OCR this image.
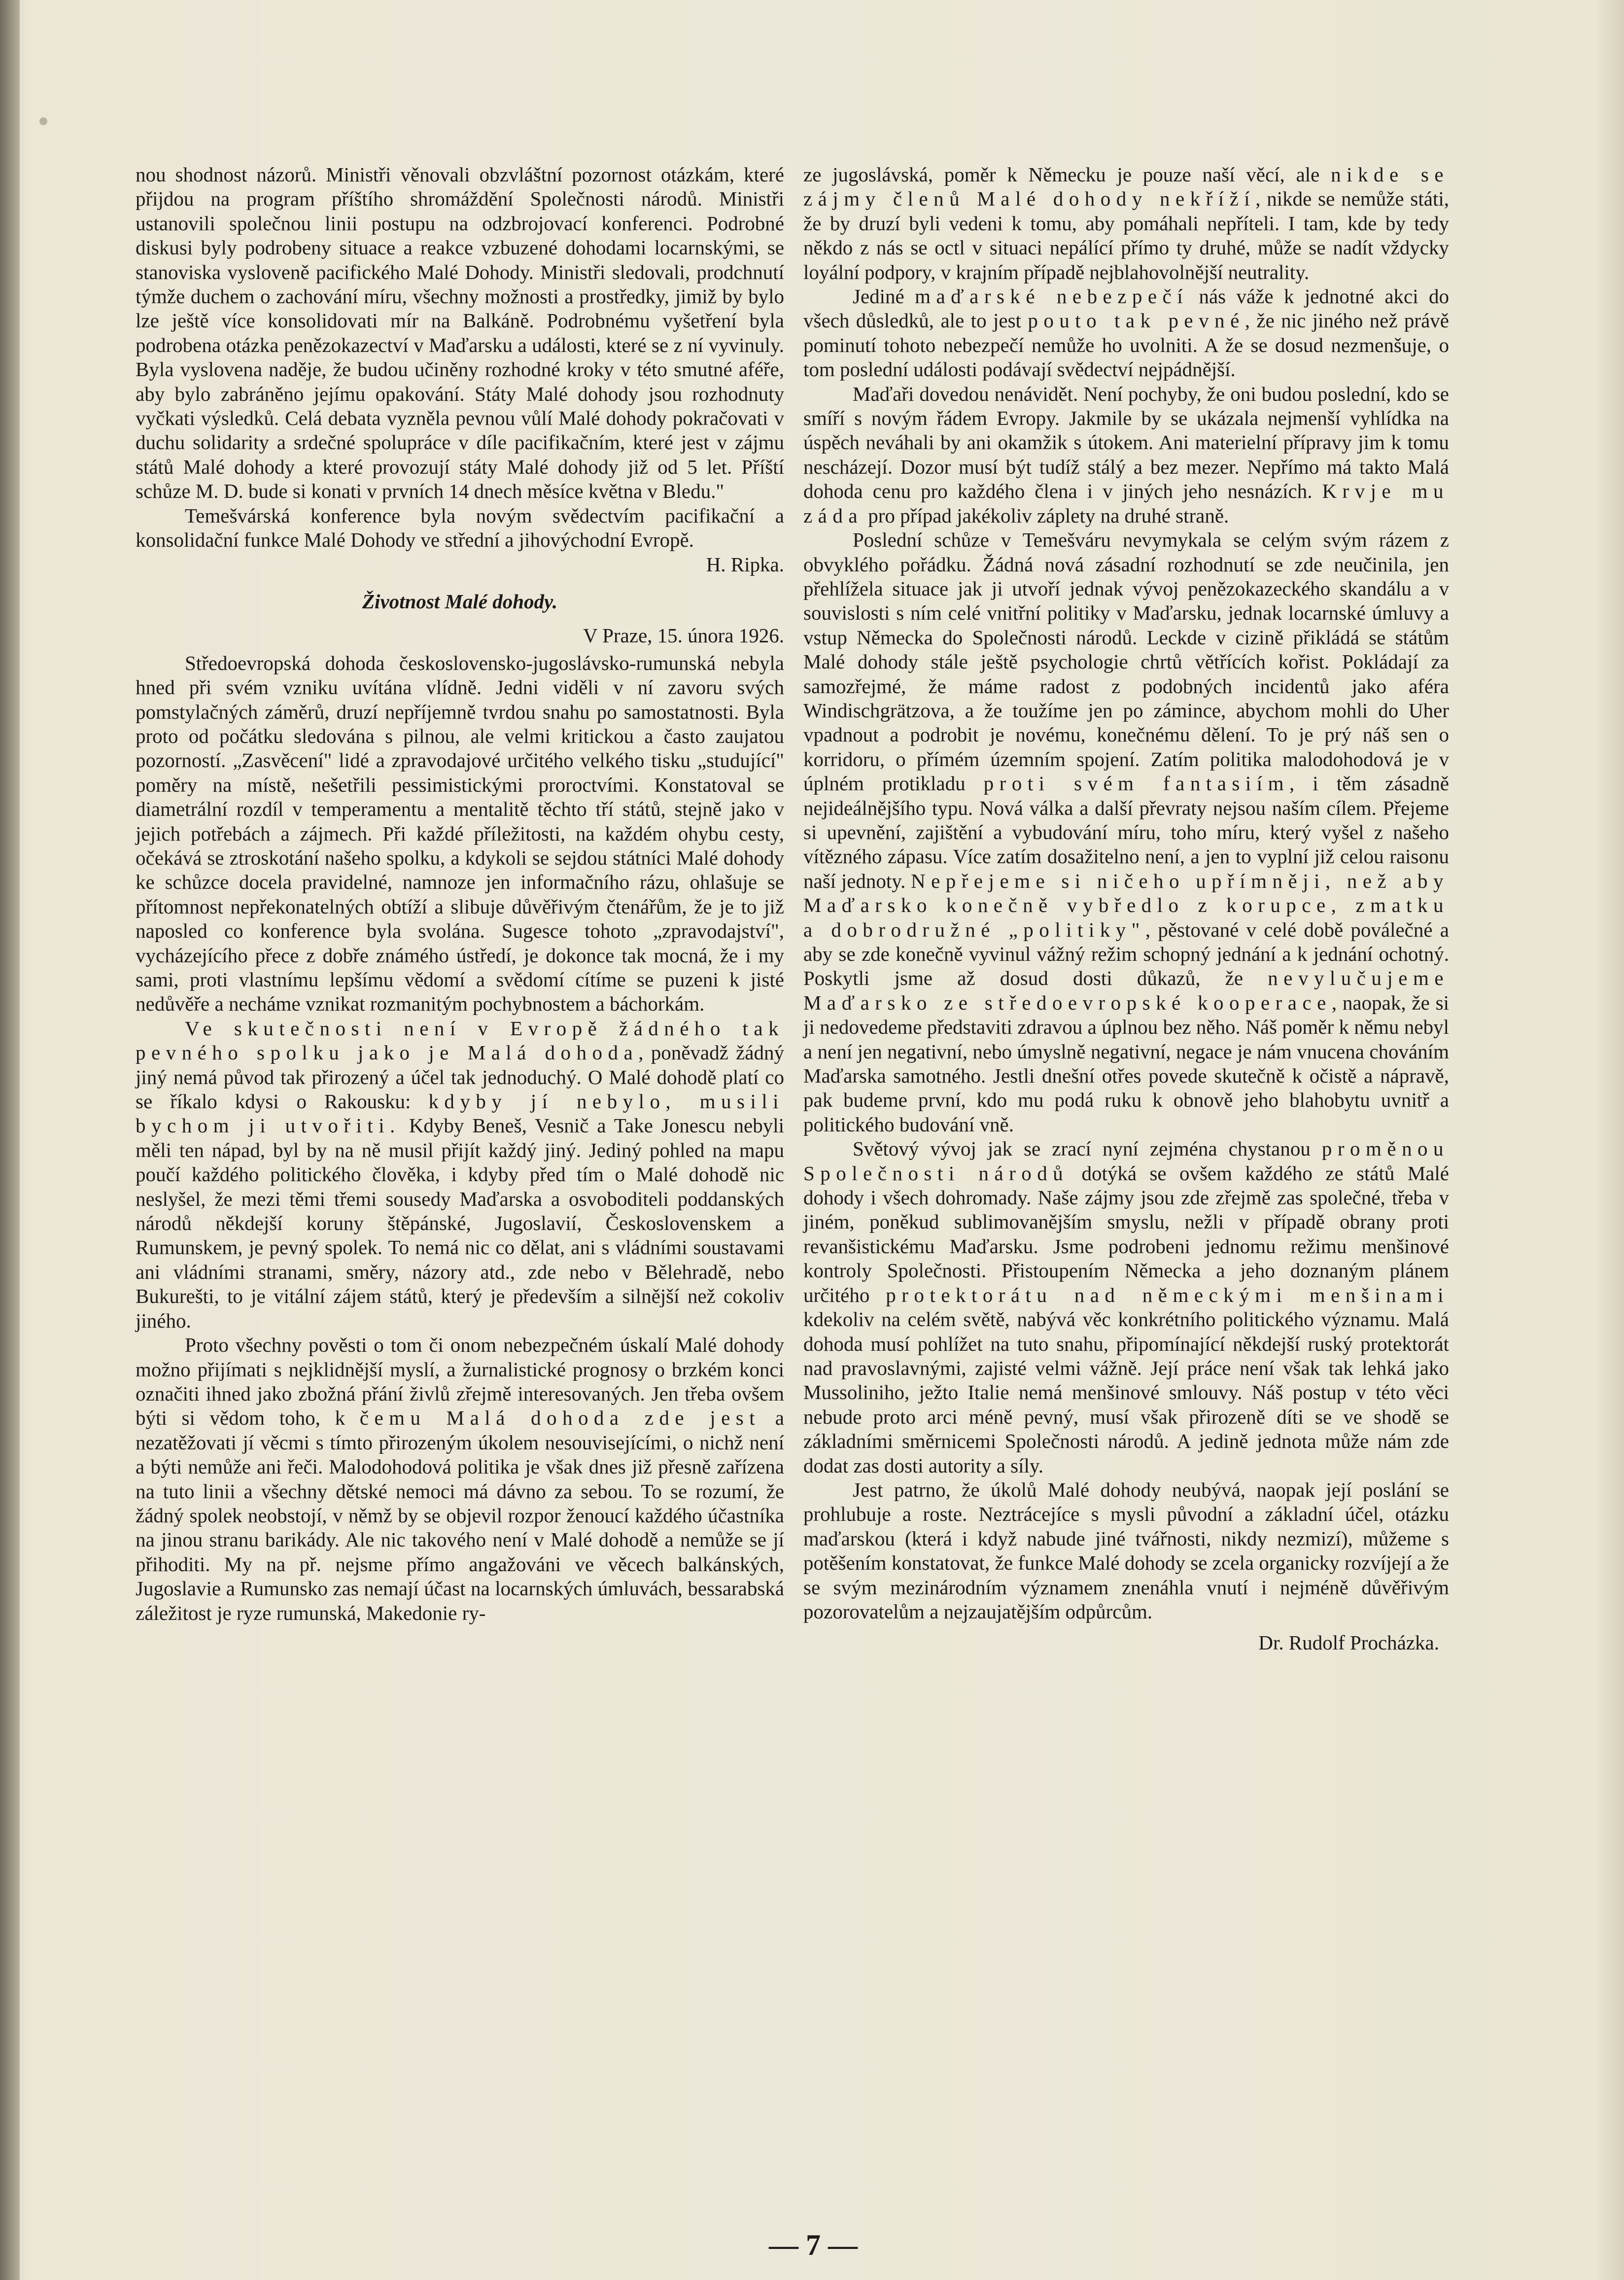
nou shodnost názorů. Ministři věnovali obzvláštní pozornost otázkám, které přijdou na program příštího shromáždění Společnosti národů. Ministři ustanovili společnou linii postupu na odzbrojovací konferenci. Podrobné diskusi byly podrobeny situace a reakce vzbuzené dohodami locarnskými, se stanoviska vysloveně pacifického Malé Dohody. Ministři sledovali, prodchnutí týmže duchem o zachování míru, všechny možnosti a prostředky, jimiž by bylo lze ještě více konsolidovati mír na Balkáně. Podrobnému vyšetření byla podrobena otázka penězokazectví v Maďarsku a události, které se z ní vyvinuly. Byla vyslovena naděje, že budou učiněny rozhodné kroky v této smutné aféře, aby bylo zabráněno jejímu opakování. Státy Malé dohody jsou rozhodnuty vyčkati výsledků. Celá debata vyzněla pevnou vůlí Malé dohody pokračovati v duchu solidarity a srdečné spolupráce v díle pacifikačním, které jest v zájmu států Malé dohody a které provozují státy Malé dohody již od 5 let. Příští schůze M. D. bude si konati v prvních 14 dnech měsíce května v Bledu."

Temešvárská konference byla novým svědectvím pacifikační a konsolidační funkce Malé Dohody ve střední a jihovýchodní Evropě.

H. Ripka.

Životnost Malé dohody.

V Praze, 15. února 1926.

Středoevropská dohoda československo-jugoslávsko-rumunská nebyla hned při svém vzniku uvítána vlídně. Jedni viděli v ní zavoru svých pomstylačných záměrů, druzí nepříjemně tvrdou snahu po samostatnosti. Byla proto od počátku sledována s pilnou, ale velmi kritickou a často zaujatou pozorností. „Zasvěcení" lidé a zpravodajové určitého velkého tisku „studující" poměry na místě, nešetřili pessimistickými proroctvími. Konstatoval se diametrální rozdíl v temperamentu a mentalitě těchto tří států, stejně jako v jejich potřebách a zájmech. Při každé příležitosti, na každém ohybu cesty, očekává se ztroskotání našeho spolku, a kdykoli se sejdou státníci Malé dohody ke schůzce docela pravidelné, namnoze jen informačního rázu, ohlašuje se přítomnost nepřekonatelných obtíží a slibuje důvěřivým čtenářům, že je to již naposled co konference byla svolána. Sugesce tohoto „zpravodajství", vycházejícího přece z dobře známého ústředí, je dokonce tak mocná, že i my sami, proti vlastnímu lepšímu vědomí a svědomí cítíme se puzeni k jisté nedůvěře a necháme vznikat rozmanitým pochybnostem a báchorkám.

Ve skutečnosti není v Evropě žádného tak pevného spolku jako je Malá dohoda, poněvadž žádný jiný nemá původ tak přirozený a účel tak jednoduchý. O Malé dohodě platí co se říkalo kdysi o Rakousku: kdyby jí nebylo, musili bychom ji utvořiti. Kdyby Beneš, Vesnič a Take Jonescu nebyli měli ten nápad, byl by na ně musil přijít každý jiný. Jediný pohled na mapu poučí každého politického člověka, i kdyby před tím o Malé dohodě nic neslyšel, že mezi těmi třemi sousedy Maďarska a osvoboditeli poddanských národů někdejší koruny štěpánské, Jugoslavií, Československem a Rumunskem, je pevný spolek. To nemá nic co dělat, ani s vládními soustavami ani vládními stranami, směry, názory atd., zde nebo v Bělehradě, nebo Bukurešti, to je vitální zájem států, který je především a silnější než cokoliv jiného.

Proto všechny pověsti o tom či onom nebezpečném úskalí Malé dohody možno přijímati s nejklidnější myslí, a žurnalistické prognosy o brzkém konci označiti ihned jako zbožná přání živlů zřejmě interesovaných. Jen třeba ovšem býti si vědom toho, k čemu Malá dohoda zde jest a nezatěžovati jí věcmi s tímto přirozeným úkolem nesouvisejícími, o nichž není a býti nemůže ani řeči. Malodohodová politika je však dnes již přesně zařízena na tuto linii a všechny dětské nemoci má dávno za sebou. To se rozumí, že žádný spolek neobstojí, v němž by se objevil rozpor ženoucí každého účastníka na jinou stranu barikády. Ale nic takového není v Malé dohodě a nemůže se jí přihoditi. My na př. nejsme přímo angažováni ve věcech balkánských, Jugoslavie a Rumunsko zas nemají účast na locarnských úmluvách, bessarabská záležitost je ryze rumunská, Makedonie ry-

ze jugoslávská, poměr k Německu je pouze naší věcí, ale nikde se zájmy členů Malé dohody nekříží, nikde se nemůže státi, že by druzí byli vedeni k tomu, aby pomáhali nepříteli. I tam, kde by tedy někdo z nás se octl v situaci nepálící přímo ty druhé, může se nadít vždycky loyální podpory, v krajním případě nejblahovolnější neutrality.

Jediné maďarské nebezpečí nás váže k jednotné akci do všech důsledků, ale to jest pouto tak pevné, že nic jiného než právě pominutí tohoto nebezpečí nemůže ho uvolniti. A že se dosud nezmenšuje, o tom poslední události podávají svědectví nejpádnější.

Maďaři dovedou nenávidět. Není pochyby, že oni budou poslední, kdo se smíří s novým řádem Evropy. Jakmile by se ukázala nejmenší vyhlídka na úspěch neváhali by ani okamžik s útokem. Ani materielní přípravy jim k tomu nescházejí. Dozor musí být tudíž stálý a bez mezer. Nepřímo má takto Malá dohoda cenu pro každého člena i v jiných jeho nesnázích. Krvje mu záda pro případ jakékoliv záplety na druhé straně.

Poslední schůze v Temešváru nevymykala se celým svým rázem z obvyklého pořádku. Žádná nová zásadní rozhodnutí se zde neučinila, jen přehlížela situace jak ji utvoří jednak vývoj penězokazeckého skandálu a v souvislosti s ním celé vnitřní politiky v Maďarsku, jednak locarnské úmluvy a vstup Německa do Společnosti národů. Leckde v cizině přikládá se státům Malé dohody stále ještě psychologie chrtů větřících kořist. Pokládají za samozřejmé, že máme radost z podobných incidentů jako aféra Windischgrätzova, a že toužíme jen po zámince, abychom mohli do Uher vpadnout a podrobit je novému, konečnému dělení. To je prý náš sen o korridoru, o přímém územním spojení. Zatím politika malodohodová je v úplném protikladu proti svém fantasiím, i těm zásadně nejideálnějšího typu. Nová válka a další převraty nejsou naším cílem. Přejeme si upevnění, zajištění a vybudování míru, toho míru, který vyšel z našeho vítězného zápasu. Více zatím dosažitelno není, a jen to vyplní již celou raisonu naší jednoty. Nepřejeme si ničeho upřímněji, než aby Maďarsko konečně vybředlo z korupce, zmatku a dobrodružné „politiky", pěstované v celé době poválečné a aby se zde konečně vyvinul vážný režim schopný jednání a k jednání ochotný. Poskytli jsme až dosud dosti důkazů, že nevylučujeme Maďarsko ze středoevropské kooperace, naopak, že si ji nedovedeme představiti zdravou a úplnou bez něho. Náš poměr k němu nebyl a není jen negativní, nebo úmyslně negativní, negace je nám vnucena chováním Maďarska samotného. Jestli dnešní otřes povede skutečně k očistě a nápravě, pak budeme první, kdo mu podá ruku k obnově jeho blahobytu uvnitř a politického budování vně.

Světový vývoj jak se zrací nyní zejména chystanou proměnou Společnosti národů dotýká se ovšem každého ze států Malé dohody i všech dohromady. Naše zájmy jsou zde zřejmě zas společné, třeba v jiném, poněkud sublimovanějším smyslu, nežli v případě obrany proti revanšistickému Maďarsku. Jsme podrobeni jednomu režimu menšinové kontroly Společnosti. Přistoupením Německa a jeho doznaným plánem určitého protektorátu nad německými menšinami kdekoliv na celém světě, nabývá věc konkrétního politického významu. Malá dohoda musí pohlížet na tuto snahu, připomínající někdejší ruský protektorát nad pravoslavnými, zajisté velmi vážně. Její práce není však tak lehká jako Mussoliniho, ježto Italie nemá menšinové smlouvy. Náš postup v této věci nebude proto arci méně pevný, musí však přirozeně díti se ve shodě se základními směrnicemi Společnosti národů. A jedině jednota může nám zde dodat zas dosti autority a síly.

Jest patrno, že úkolů Malé dohody neubývá, naopak její poslání se prohlubuje a roste. Neztrácejíce s mysli původní a základní účel, otázku maďarskou (která i když nabude jiné tvářnosti, nikdy nezmizí), můžeme s potěšením konstatovat, že funkce Malé dohody se zcela organicky rozvíjejí a že se svým mezinárodním významem znenáhla vnutí i nejméně důvěřivým pozorovatelům a nejzaujatějším odpůrcům.

Dr. Rudolf Procházka.

— 7 —
